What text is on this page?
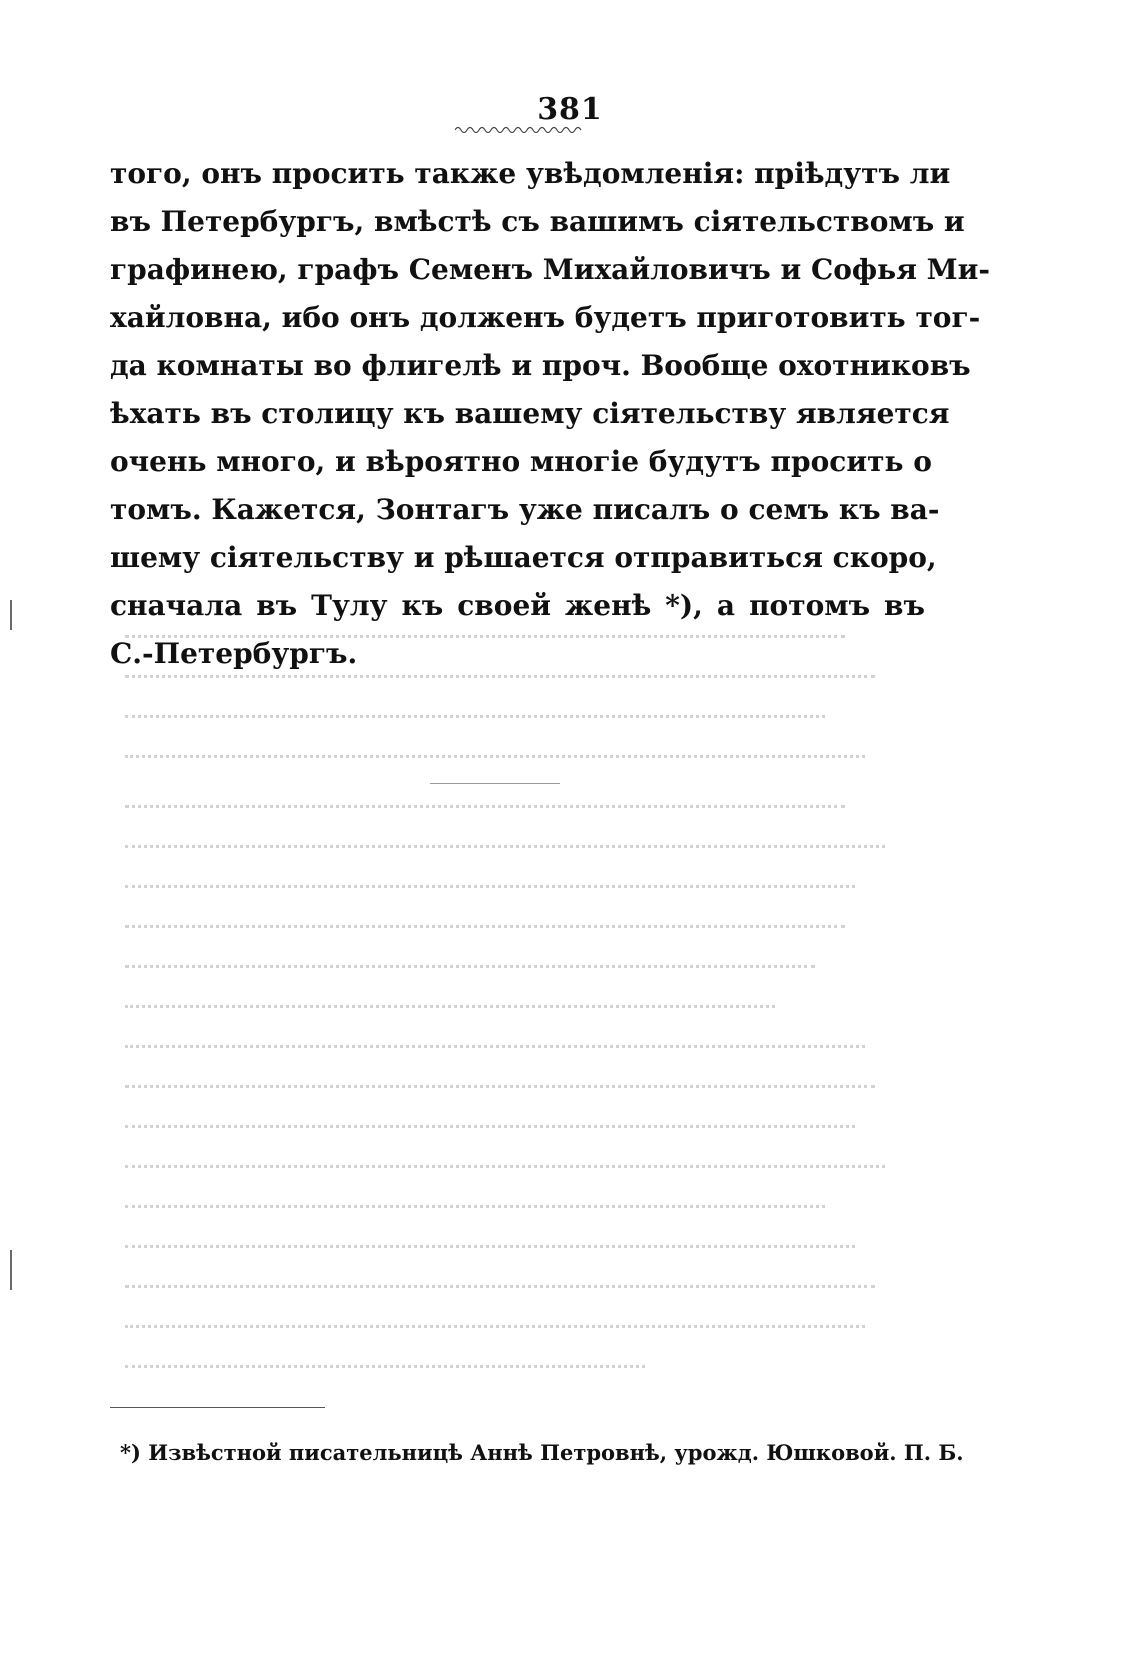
381
того, онъ просить также увѣдомленія: пріѣдутъ ли
въ Петербургъ, вмѣстѣ съ вашимъ сіятельствомъ и
графинею, графъ Семенъ Михайловичъ и Софья Ми-
хайловна, ибо онъ долженъ будетъ приготовить тог-
да комнаты во флигелѣ и проч. Вообще охотниковъ
ѣхать въ столицу къ вашему сіятельству является
очень много, и вѣроятно многіе будутъ просить о
томъ. Кажется, Зонтагъ уже писалъ о семъ къ ва-
шему сіятельству и рѣшается отправиться скоро,
сначала въ Тулу къ своей женѣ *), а потомъ въ
С.-Петербургъ.
*) Извѣстной писательницѣ Аннѣ Петровнѣ, урожд. Юшковой. П. Б.
